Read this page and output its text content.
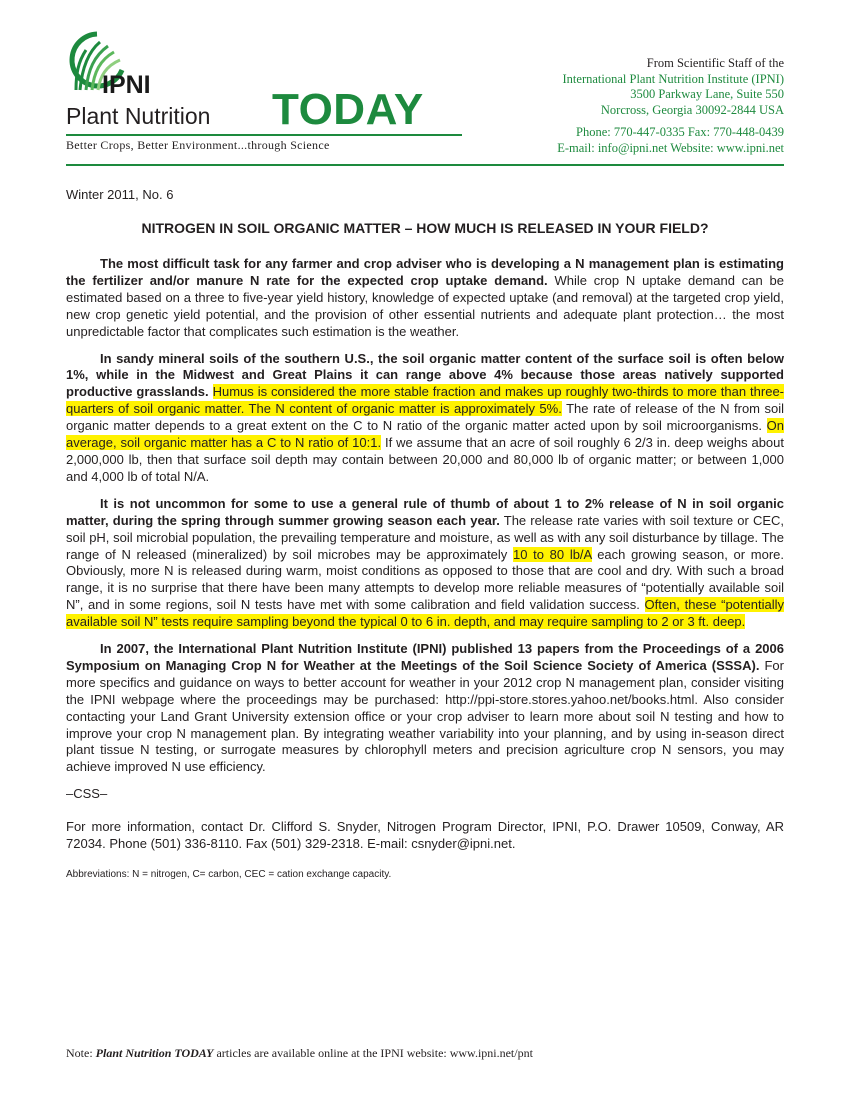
IPNI
Plant Nutrition TODAY
Better Crops, Better Environment...through Science
From Scientific Staff of the
International Plant Nutrition Institute (IPNI)
3500 Parkway Lane, Suite 550
Norcross, Georgia 30092-2844 USA
Phone: 770-447-0335 Fax: 770-448-0439
E-mail: info@ipni.net Website: www.ipni.net
Winter 2011, No. 6
NITROGEN IN SOIL ORGANIC MATTER – HOW MUCH IS RELEASED IN YOUR FIELD?

The most difficult task for any farmer and crop adviser who is developing a N management plan is estimating the fertilizer and/or manure N rate for the expected crop uptake demand. While crop N uptake demand can be estimated based on a three to five-year yield history, knowledge of expected uptake (and removal) at the targeted crop yield, new crop genetic yield potential, and the provision of other essential nutrients and adequate plant protection… the most unpredictable factor that complicates such estimation is the weather.

In sandy mineral soils of the southern U.S., the soil organic matter content of the surface soil is often below 1%, while in the Midwest and Great Plains it can range above 4% because those areas natively supported productive grasslands. Humus is considered the more stable fraction and makes up roughly two-thirds to more than three-quarters of soil organic matter. The N content of organic matter is approximately 5%. The rate of release of the N from soil organic matter depends to a great extent on the C to N ratio of the organic matter acted upon by soil microorganisms. On average, soil organic matter has a C to N ratio of 10:1. If we assume that an acre of soil roughly 6 2/3 in. deep weighs about 2,000,000 lb, then that surface soil depth may contain between 20,000 and 80,000 lb of organic matter; or between 1,000 and 4,000 lb of total N/A.

It is not uncommon for some to use a general rule of thumb of about 1 to 2% release of N in soil organic matter, during the spring through summer growing season each year. The release rate varies with soil texture or CEC, soil pH, soil microbial population, the prevailing temperature and moisture, as well as with any soil disturbance by tillage. The range of N released (mineralized) by soil microbes may be approximately 10 to 80 lb/A each growing season, or more. Obviously, more N is released during warm, moist conditions as opposed to those that are cool and dry. With such a broad range, it is no surprise that there have been many attempts to develop more reliable measures of “potentially available soil N”, and in some regions, soil N tests have met with some calibration and field validation success. Often, these “potentially available soil N” tests require sampling beyond the typical 0 to 6 in. depth, and may require sampling to 2 or 3 ft. deep.

In 2007, the International Plant Nutrition Institute (IPNI) published 13 papers from the Proceedings of a 2006 Symposium on Managing Crop N for Weather at the Meetings of the Soil Science Society of America (SSSA). For more specifics and guidance on ways to better account for weather in your 2012 crop N management plan, consider visiting the IPNI webpage where the proceedings may be purchased: http://ppi-store.stores.yahoo.net/books.html. Also consider contacting your Land Grant University extension office or your crop adviser to learn more about soil N testing and how to improve your crop N management plan. By integrating weather variability into your planning, and by using in-season direct plant tissue N testing, or surrogate measures by chlorophyll meters and precision agriculture crop N sensors, you may achieve improved N use efficiency.

–CSS–

For more information, contact Dr. Clifford S. Snyder, Nitrogen Program Director, IPNI, P.O. Drawer 10509, Conway, AR 72034. Phone (501) 336-8110. Fax (501) 329-2318. E-mail: csnyder@ipni.net.

Abbreviations: N = nitrogen, C= carbon, CEC = cation exchange capacity.

Note: Plant Nutrition TODAY articles are available online at the IPNI website: www.ipni.net/pnt
